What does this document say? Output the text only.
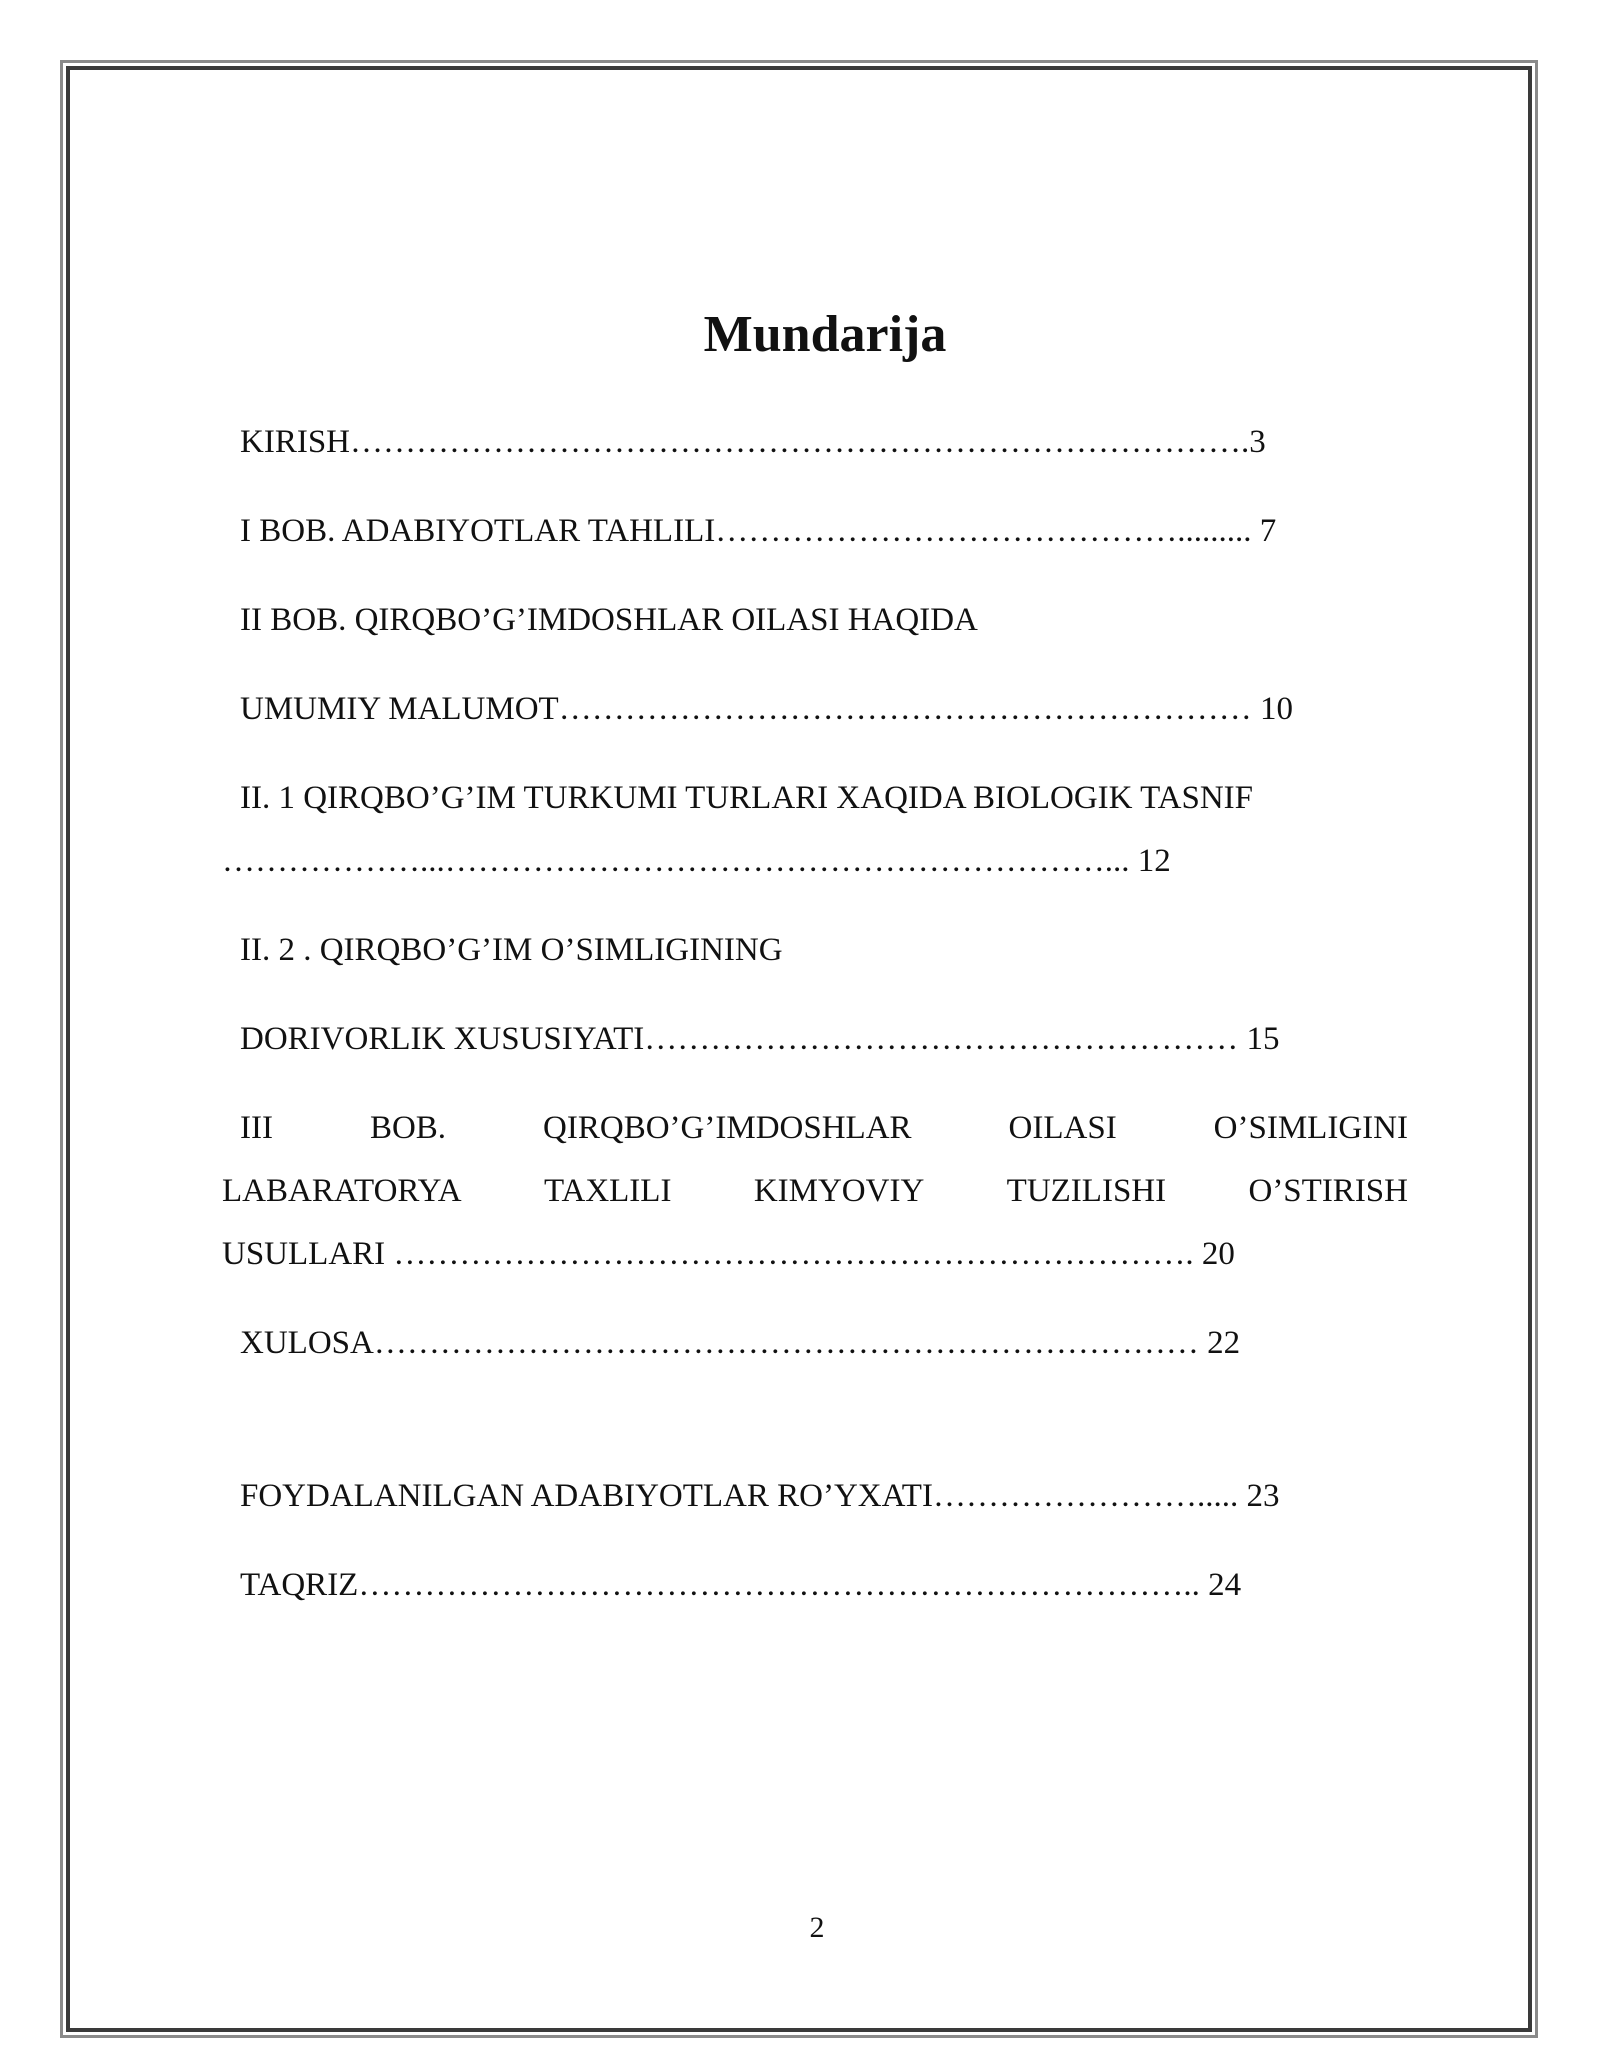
Mundarija
KIRISH……………………………………………………………………….3
I BOB. ADABIYOTLAR TAHLILI……………………………………......... 7
II BOB. QIRQBO’G’IMDOSHLAR OILASI HAQIDA
UMUMIY MALUMOT……………………………………………………… 10
II. 1 QIRQBO’G’IM TURKUMI TURLARI XAQIDA BIOLOGIK TASNIF
………………...……………………………………………………... 12
II. 2 . QIRQBO’G’IM O’SIMLIGINING
DORIVORLIK XUSUSIYATI……………………………………………… 15
III	BOB.	QIRQBO’G’IMDOSHLAR	OILASI	O’SIMLIGINI
LABARATORYA TAXLILI KIMYOVIY TUZILISHI O’STIRISH
USULLARI ………………………………………………………………. 20
XULOSA………………………………………………………………… 22
FOYDALANILGAN ADABIYOTLAR RO’YXATI……………………..... 23
TAQRIZ………………………………………………………………….. 24
2
